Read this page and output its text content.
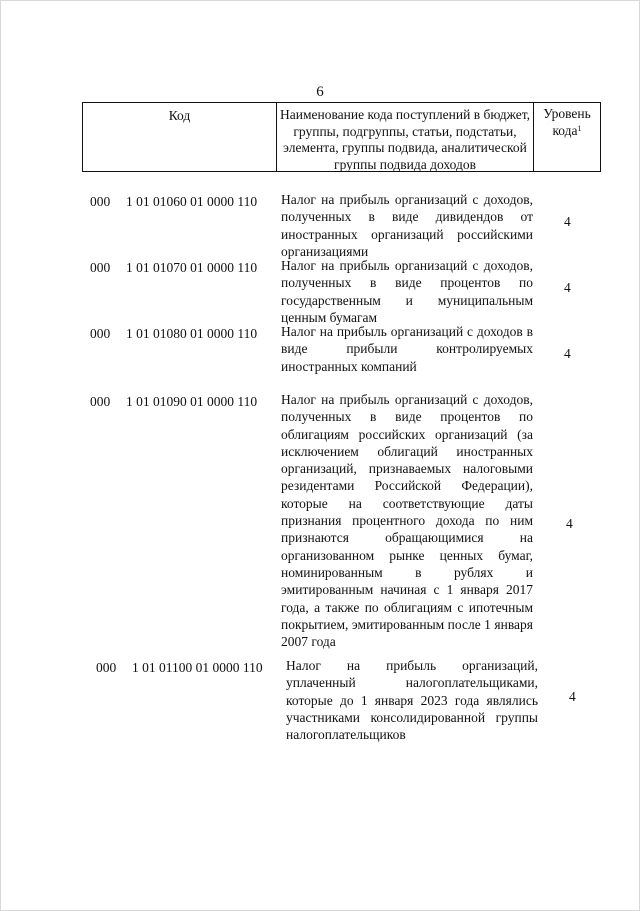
6
Код	Наименование кода поступлений в бюджет, группы, подгруппы, статьи, подстатьи, элемента, группы подвида, аналитической группы подвида доходов
Уровень кода$^1$
000 1 01 01060 01 0000 110 Налог на прибыль организаций с доходов, полученных в виде дивидендов от иностранных организаций российскими организациями
4
000 1 01 01070 01 0000 110 Налог на прибыль организаций с доходов, полученных в виде процентов по государственным и муниципальным ценным бумагам
4
000 1 01 01080 01 0000 110 Налог на прибыль организаций с доходов в виде прибыли контролируемых иностранных компаний
4
000 1 01 01090 01 0000 110 Налог на прибыль организаций с доходов, полученных в виде процентов по облигациям российских организаций (за исключением облигаций иностранных организаций, признаваемых налоговыми резидентами Российской Федерации), которые на соответствующие даты признания процентного дохода по ним признаются обращающимися на организованном рынке ценных бумаг, номинированным в рублях и эмитированным начиная с 1 января 2017 года, а также по облигациям с ипотечным покрытием, эмитированным после 1 января 2007 года
4
000 1 01 01100 01 0000 110 Налог на прибыль организаций, уплаченный налогоплательщиками, которые до 1 января 2023 года являлись участниками консолидированной группы налогоплательщиков
4
